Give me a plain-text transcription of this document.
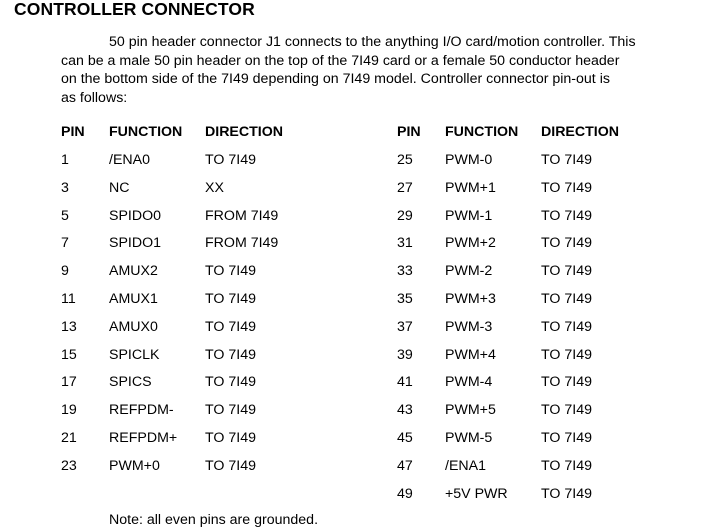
CONTROLLER CONNECTOR
50 pin header connector J1 connects to the anything I/O card/motion controller. This
can be a male 50 pin header on the top of the 7I49 card or a female 50 conductor header
on the bottom side of the 7I49 depending on 7I49 model. Controller connector pin-out is
as follows:
PIN FUNCTION DIRECTION
1	/ENA0	TO 7I49
3	NC	XX
5	SPIDO0	FROM 7I49
7	SPIDO1	FROM 7I49
9	AMUX2	TO 7I49
11 AMUX1	TO 7I49
13 AMUX0	TO 7I49
15 SPICLK	TO 7I49
17 SPICS	TO 7I49
19 REFPDM- TO 7I49
21 REFPDM+ TO 7I49
23 PWM+0	TO 7I49
PIN FUNCTION DIRECTION
25 PWM-0	TO 7I49
27 PWM+1	TO 7I49
29 PWM-1	TO 7I49
31 PWM+2	TO 7I49
33 PWM-2	TO 7I49
35 PWM+3	TO 7I49
37 PWM-3	TO 7I49
39 PWM+4	TO 7I49
41 PWM-4	TO 7I49
43 PWM+5	TO 7I49
45 PWM-5	TO 7I49
47 /ENA1	TO 7I49
49 +5V PWR TO 7I49
Note: all even pins are grounded.
